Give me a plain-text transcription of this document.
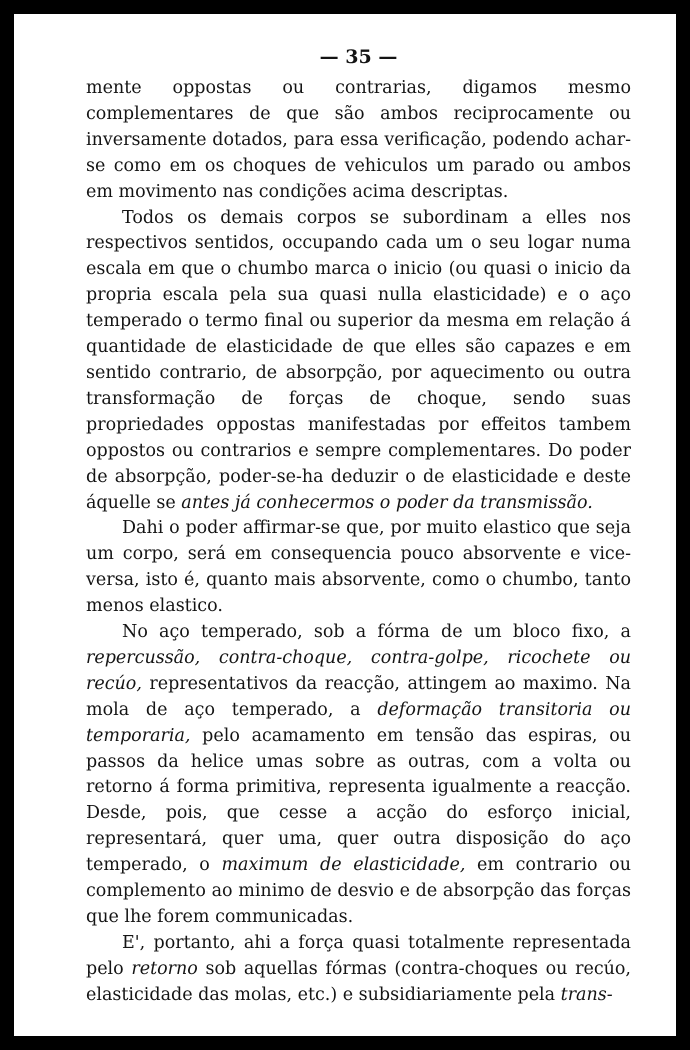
— 35 —

mente oppostas ou contrarias, digamos mesmo complementares de que são ambos reciprocamente ou inversamente dotados, para essa verificação, podendo achar-se como em os choques de vehiculos um parado ou ambos em movimento nas condições acima descriptas.

Todos os demais corpos se subordinam a elles nos respectivos sentidos, occupando cada um o seu logar numa escala em que o chumbo marca o inicio (ou quasi o inicio da propria escala pela sua quasi nulla elasticidade) e o aço temperado o termo final ou superior da mesma em relação á quantidade de elasticidade de que elles são capazes e em sentido contrario, de absorpção, por aquecimento ou outra transformação de forças de choque, sendo suas propriedades oppostas manifestadas por effeitos tambem oppostos ou contrarios e sempre complementares. Do poder de absorpção, poder-se-ha deduzir o de elasticidade e deste áquelle se antes já conhecermos o poder da transmissão.

Dahi o poder affirmar-se que, por muito elastico que seja um corpo, será em consequencia pouco absorvente e vice-versa, isto é, quanto mais absorvente, como o chumbo, tanto menos elastico.

No aço temperado, sob a fórma de um bloco fixo, a repercussão, contra-choque, contra-golpe, ricochete ou recúo, representativos da reacção, attingem ao maximo. Na mola de aço temperado, a deformação transitoria ou temporaria, pelo acamamento em tensão das espiras, ou passos da helice umas sobre as outras, com a volta ou retorno á forma primitiva, representa igualmente a reacção. Desde, pois, que cesse a acção do esforço inicial, representará, quer uma, quer outra disposição do aço temperado, o maximum de elasticidade, em contrario ou complemento ao minimo de desvio e de absorpção das forças que lhe forem communicadas.

E', portanto, ahi a força quasi totalmente representada pelo retorno sob aquellas fórmas (contra-choques ou recúo, elasticidade das molas, etc.) e subsidiariamente pela trans-
